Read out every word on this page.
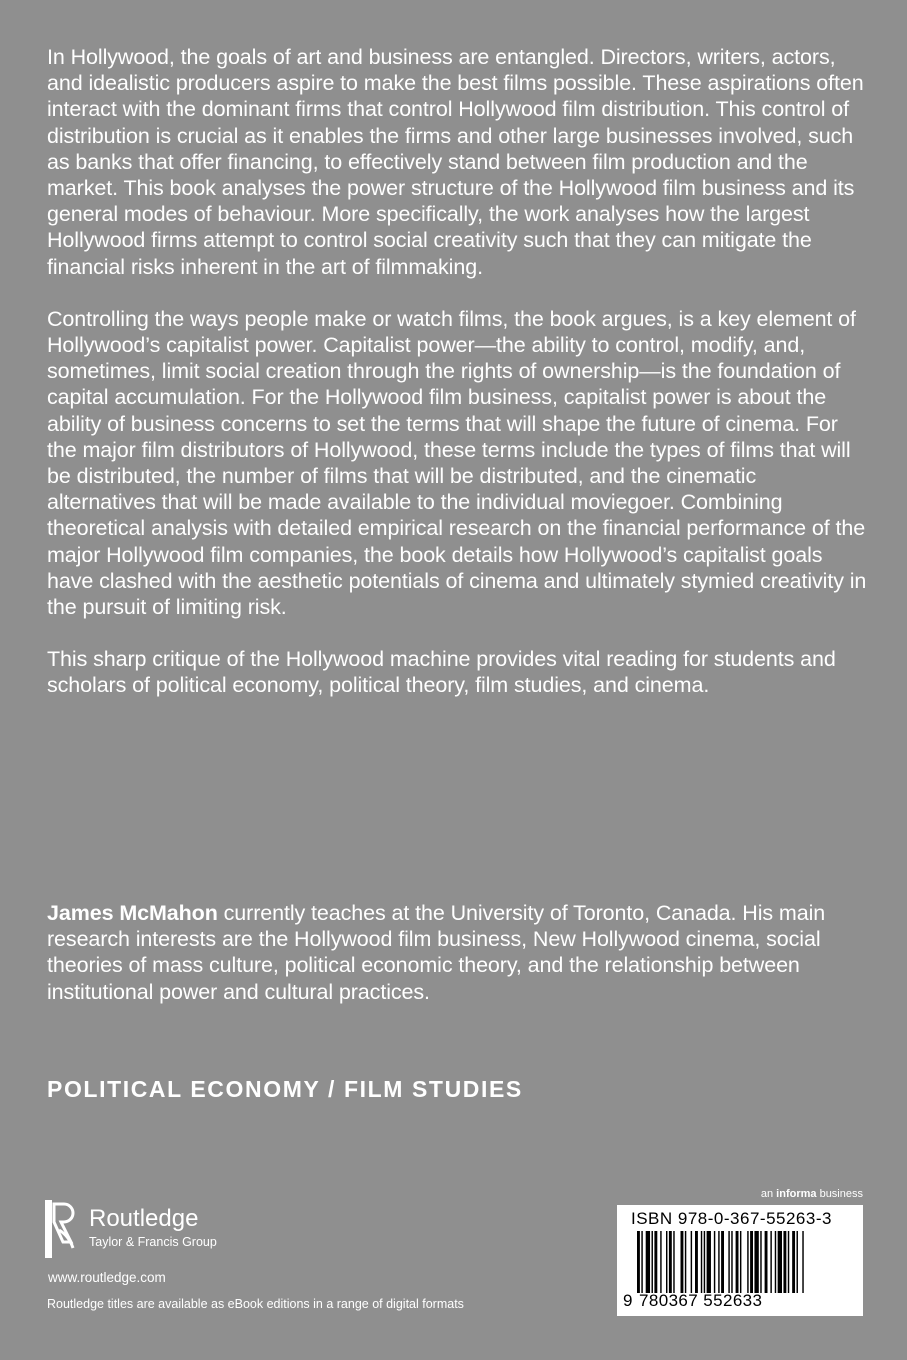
In Hollywood, the goals of art and business are entangled. Directors, writers, actors, and idealistic producers aspire to make the best films possible. These aspirations often interact with the dominant firms that control Hollywood film distribution. This control of distribution is crucial as it enables the firms and other large businesses involved, such as banks that offer financing, to effectively stand between film production and the market. This book analyses the power structure of the Hollywood film business and its general modes of behaviour. More specifically, the work analyses how the largest Hollywood firms attempt to control social creativity such that they can mitigate the financial risks inherent in the art of filmmaking.

Controlling the ways people make or watch films, the book argues, is a key element of Hollywood’s capitalist power. Capitalist power—the ability to control, modify, and, sometimes, limit social creation through the rights of ownership—is the foundation of capital accumulation. For the Hollywood film business, capitalist power is about the ability of business concerns to set the terms that will shape the future of cinema. For the major film distributors of Hollywood, these terms include the types of films that will be distributed, the number of films that will be distributed, and the cinematic alternatives that will be made available to the individual moviegoer. Combining theoretical analysis with detailed empirical research on the financial performance of the major Hollywood film companies, the book details how Hollywood’s capitalist goals have clashed with the aesthetic potentials of cinema and ultimately stymied creativity in the pursuit of limiting risk.

This sharp critique of the Hollywood machine provides vital reading for students and scholars of political economy, political theory, film studies, and cinema.

James McMahon currently teaches at the University of Toronto, Canada. His main research interests are the Hollywood film business, New Hollywood cinema, social theories of mass culture, political economic theory, and the relationship between institutional power and cultural practices.
POLITICAL ECONOMY / FILM STUDIES
Routledge
Taylor & Francis Group
www.routledge.com
Routledge titles are available as eBook editions in a range of digital formats
an informa business
ISBN 978-0-367-55263-3
9 780367 552633
